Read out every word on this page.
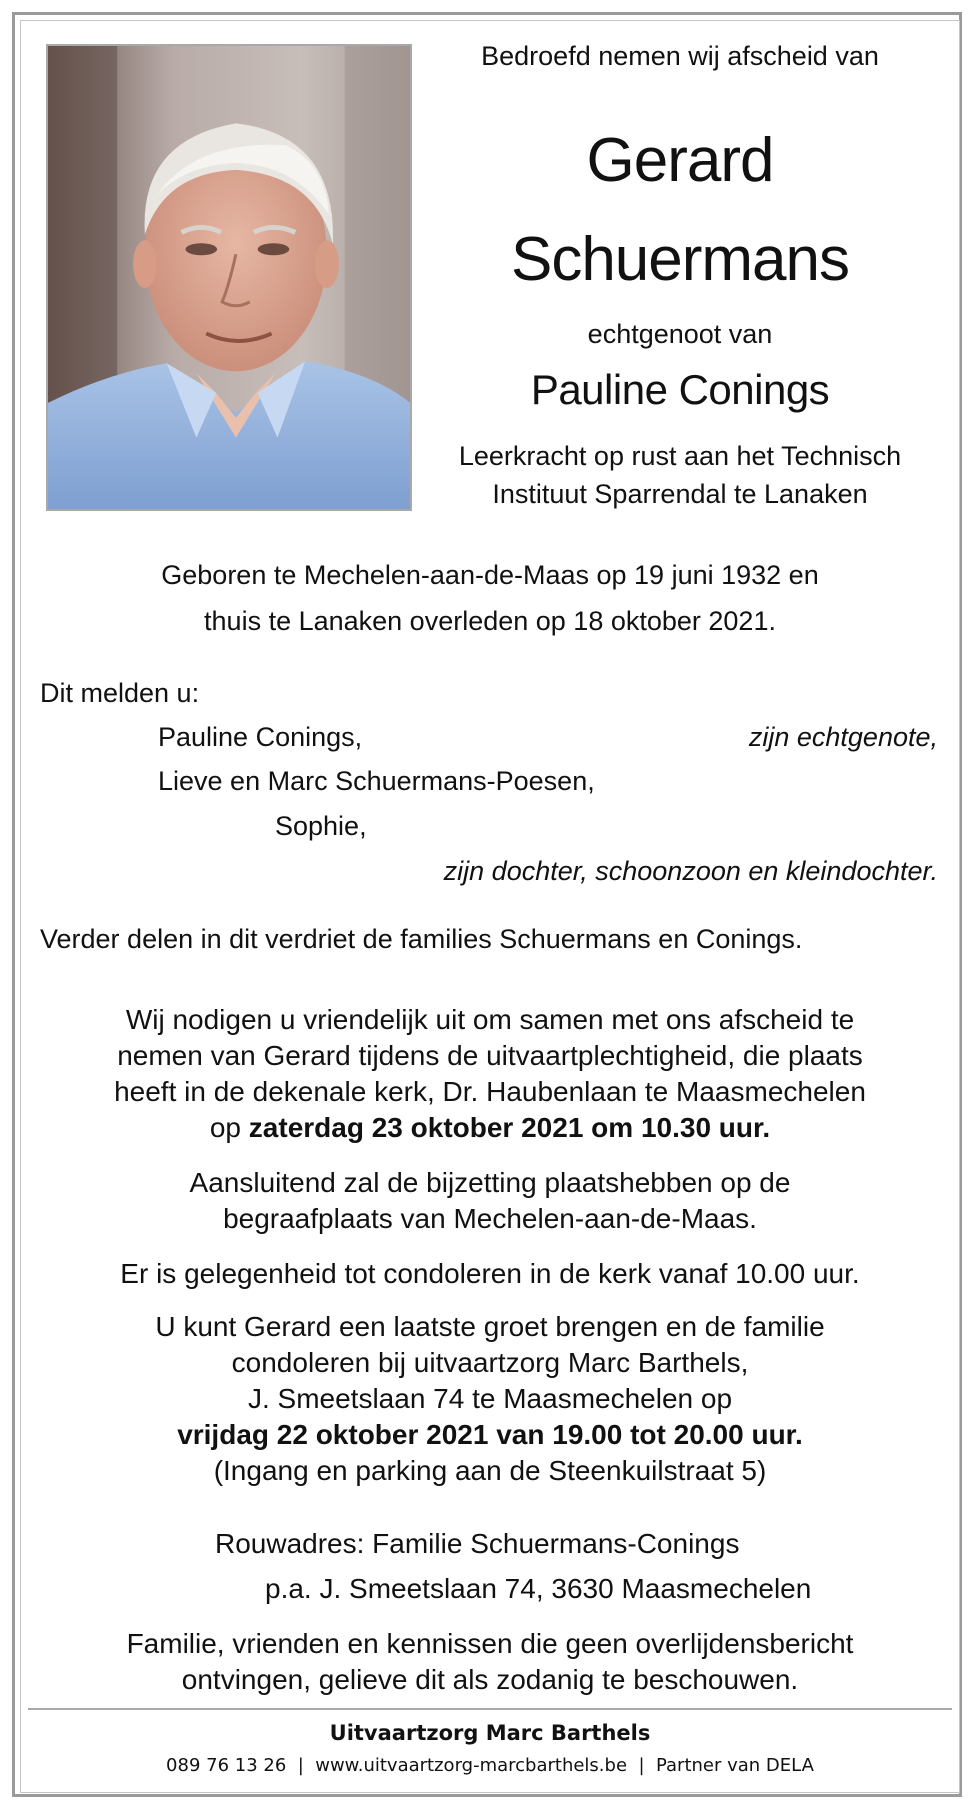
Bedroefd nemen wij afscheid van

Gerard

Schuermans

echtgenoot van

Pauline Conings

Leerkracht op rust aan het Technisch

Instituut Sparrendal te Lanaken

Geboren te Mechelen-aan-de-Maas op 19 juni 1932 en

thuis te Lanaken overleden op 18 oktober 2021.

Dit melden u:

Pauline Conings,	zijn echtgenote,

Lieve en Marc Schuermans-Poesen,

Sophie,

zijn dochter, schoonzoon en kleindochter.

Verder delen in dit verdriet de families Schuermans en Conings.

Wij nodigen u vriendelijk uit om samen met ons afscheid te

nemen van Gerard tijdens de uitvaartplechtigheid, die plaats

heeft in de dekenale kerk, Dr. Haubenlaan te Maasmechelen

op zaterdag 23 oktober 2021 om 10.30 uur.

Aansluitend zal de bijzetting plaatshebben op de

begraafplaats van Mechelen-aan-de-Maas.

Er is gelegenheid tot condoleren in de kerk vanaf 10.00 uur.

U kunt Gerard een laatste groet brengen en de familie

condoleren bij uitvaartzorg Marc Barthels,

J. Smeetslaan 74 te Maasmechelen op

vrijdag 22 oktober 2021 van 19.00 tot 20.00 uur.

(Ingang en parking aan de Steenkuilstraat 5)

Rouwadres: Familie Schuermans-Conings

p.a. J. Smeetslaan 74, 3630 Maasmechelen

Familie, vrienden en kennissen die geen overlijdensbericht

ontvingen, gelieve dit als zodanig te beschouwen.

Uitvaartzorg Marc Barthels

089 76 13 26  |  www.uitvaartzorg-marcbarthels.be  |  Partner van DELA
